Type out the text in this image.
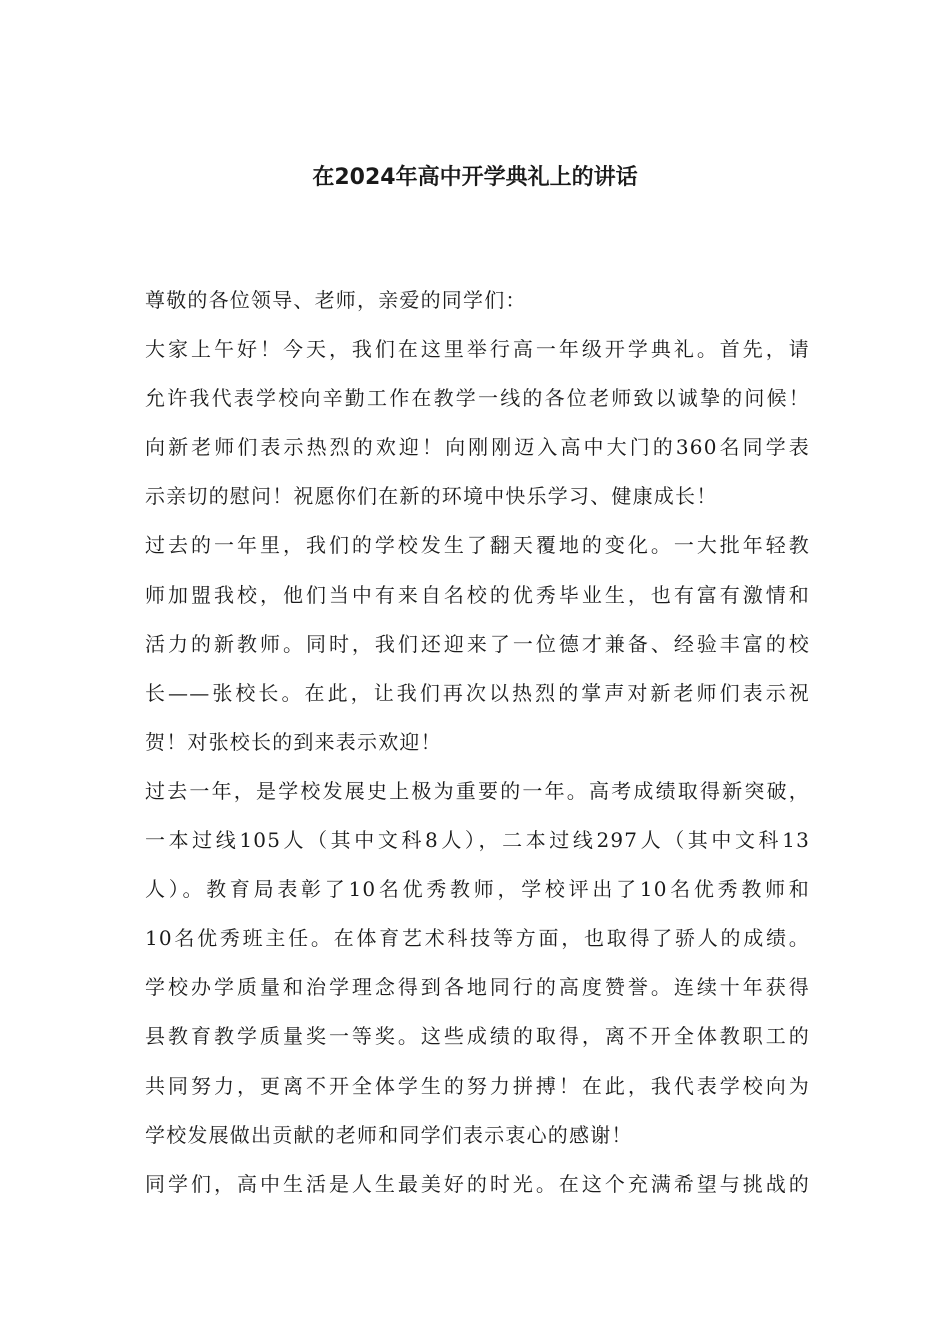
在2024年高中开学典礼上的讲话
尊敬的各位领导、老师，亲爱的同学们：
大家上午好！今天，我们在这里举行高一年级开学典礼。首先，请
允许我代表学校向辛勤工作在教学一线的各位老师致以诚挚的问候！
向新老师们表示热烈的欢迎！向刚刚迈入高中大门的360名同学表
示亲切的慰问！祝愿你们在新的环境中快乐学习、健康成长！
过去的一年里，我们的学校发生了翻天覆地的变化。一大批年轻教
师加盟我校，他们当中有来自名校的优秀毕业生，也有富有激情和
活力的新教师。同时，我们还迎来了一位德才兼备、经验丰富的校
长——张校长。在此，让我们再次以热烈的掌声对新老师们表示祝
贺！对张校长的到来表示欢迎！
过去一年，是学校发展史上极为重要的一年。高考成绩取得新突破，
一本过线105人（其中文科8人），二本过线297人（其中文科13
人）。教育局表彰了10名优秀教师，学校评出了10名优秀教师和
10名优秀班主任。在体育艺术科技等方面，也取得了骄人的成绩。
学校办学质量和治学理念得到各地同行的高度赞誉。连续十年获得
县教育教学质量奖一等奖。这些成绩的取得，离不开全体教职工的
共同努力，更离不开全体学生的努力拼搏！在此，我代表学校向为
学校发展做出贡献的老师和同学们表示衷心的感谢！
同学们，高中生活是人生最美好的时光。在这个充满希望与挑战的
